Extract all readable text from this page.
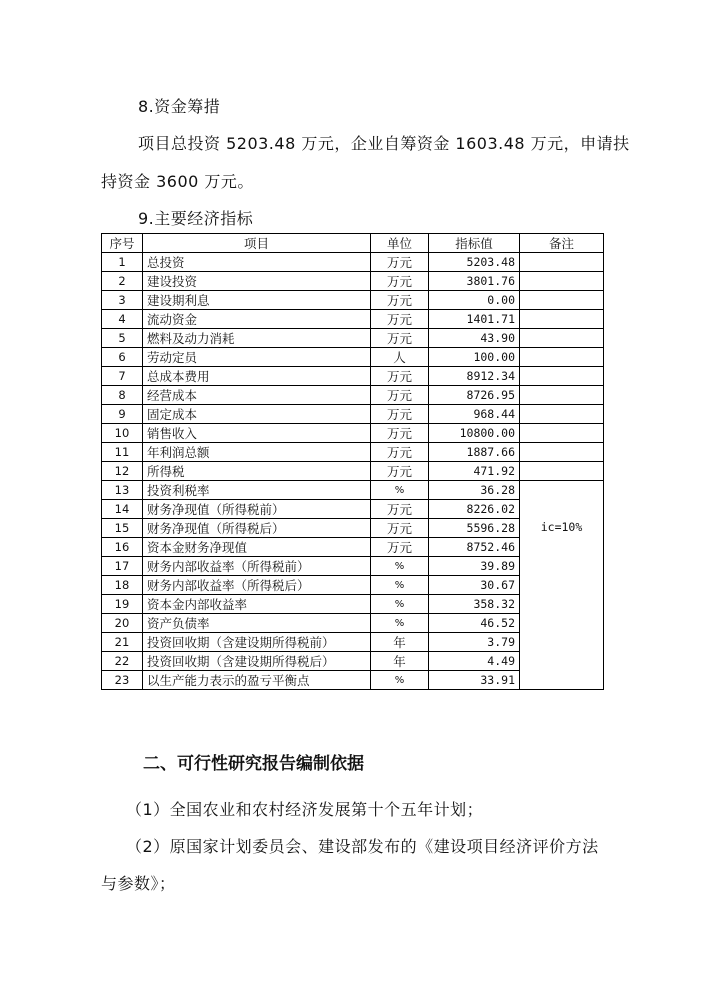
8.资金筹措
项目总投资 5203.48 万元，企业自筹资金 1603.48 万元，申请扶
持资金 3600 万元。
9.主要经济指标
序号	项目	单位	指标值	备注
1	总投资	万元	5203.48	
2	建设投资	万元	3801.76	
3	建设期利息	万元	0.00	
4	流动资金	万元	1401.71	
5	燃料及动力消耗	万元	43.90	
6	劳动定员	人	100.00	
7	总成本费用	万元	8912.34	
8	经营成本	万元	8726.95	
9	固定成本	万元	968.44	
10	销售收入	万元	10800.00	
11	年利润总额	万元	1887.66	
12	所得税	万元	471.92	
13	投资利税率	%	36.28	ic=10%
14	财务净现值（所得税前）	万元	8226.02	
15	财务净现值（所得税后）	万元	5596.28	
16	资本金财务净现值	万元	8752.46	
17	财务内部收益率（所得税前）	%	39.89	
18	财务内部收益率（所得税后）	%	30.67	
19	资本金内部收益率	%	358.32	
20	资产负债率	%	46.52	
21	投资回收期（含建设期所得税前）	年	3.79	
22	投资回收期（含建设期所得税后）	年	4.49	
23	以生产能力表示的盈亏平衡点	%	33.91	
二、可行性研究报告编制依据
（1）全国农业和农村经济发展第十个五年计划；
（2）原国家计划委员会、建设部发布的《建设项目经济评价方法
与参数》；
